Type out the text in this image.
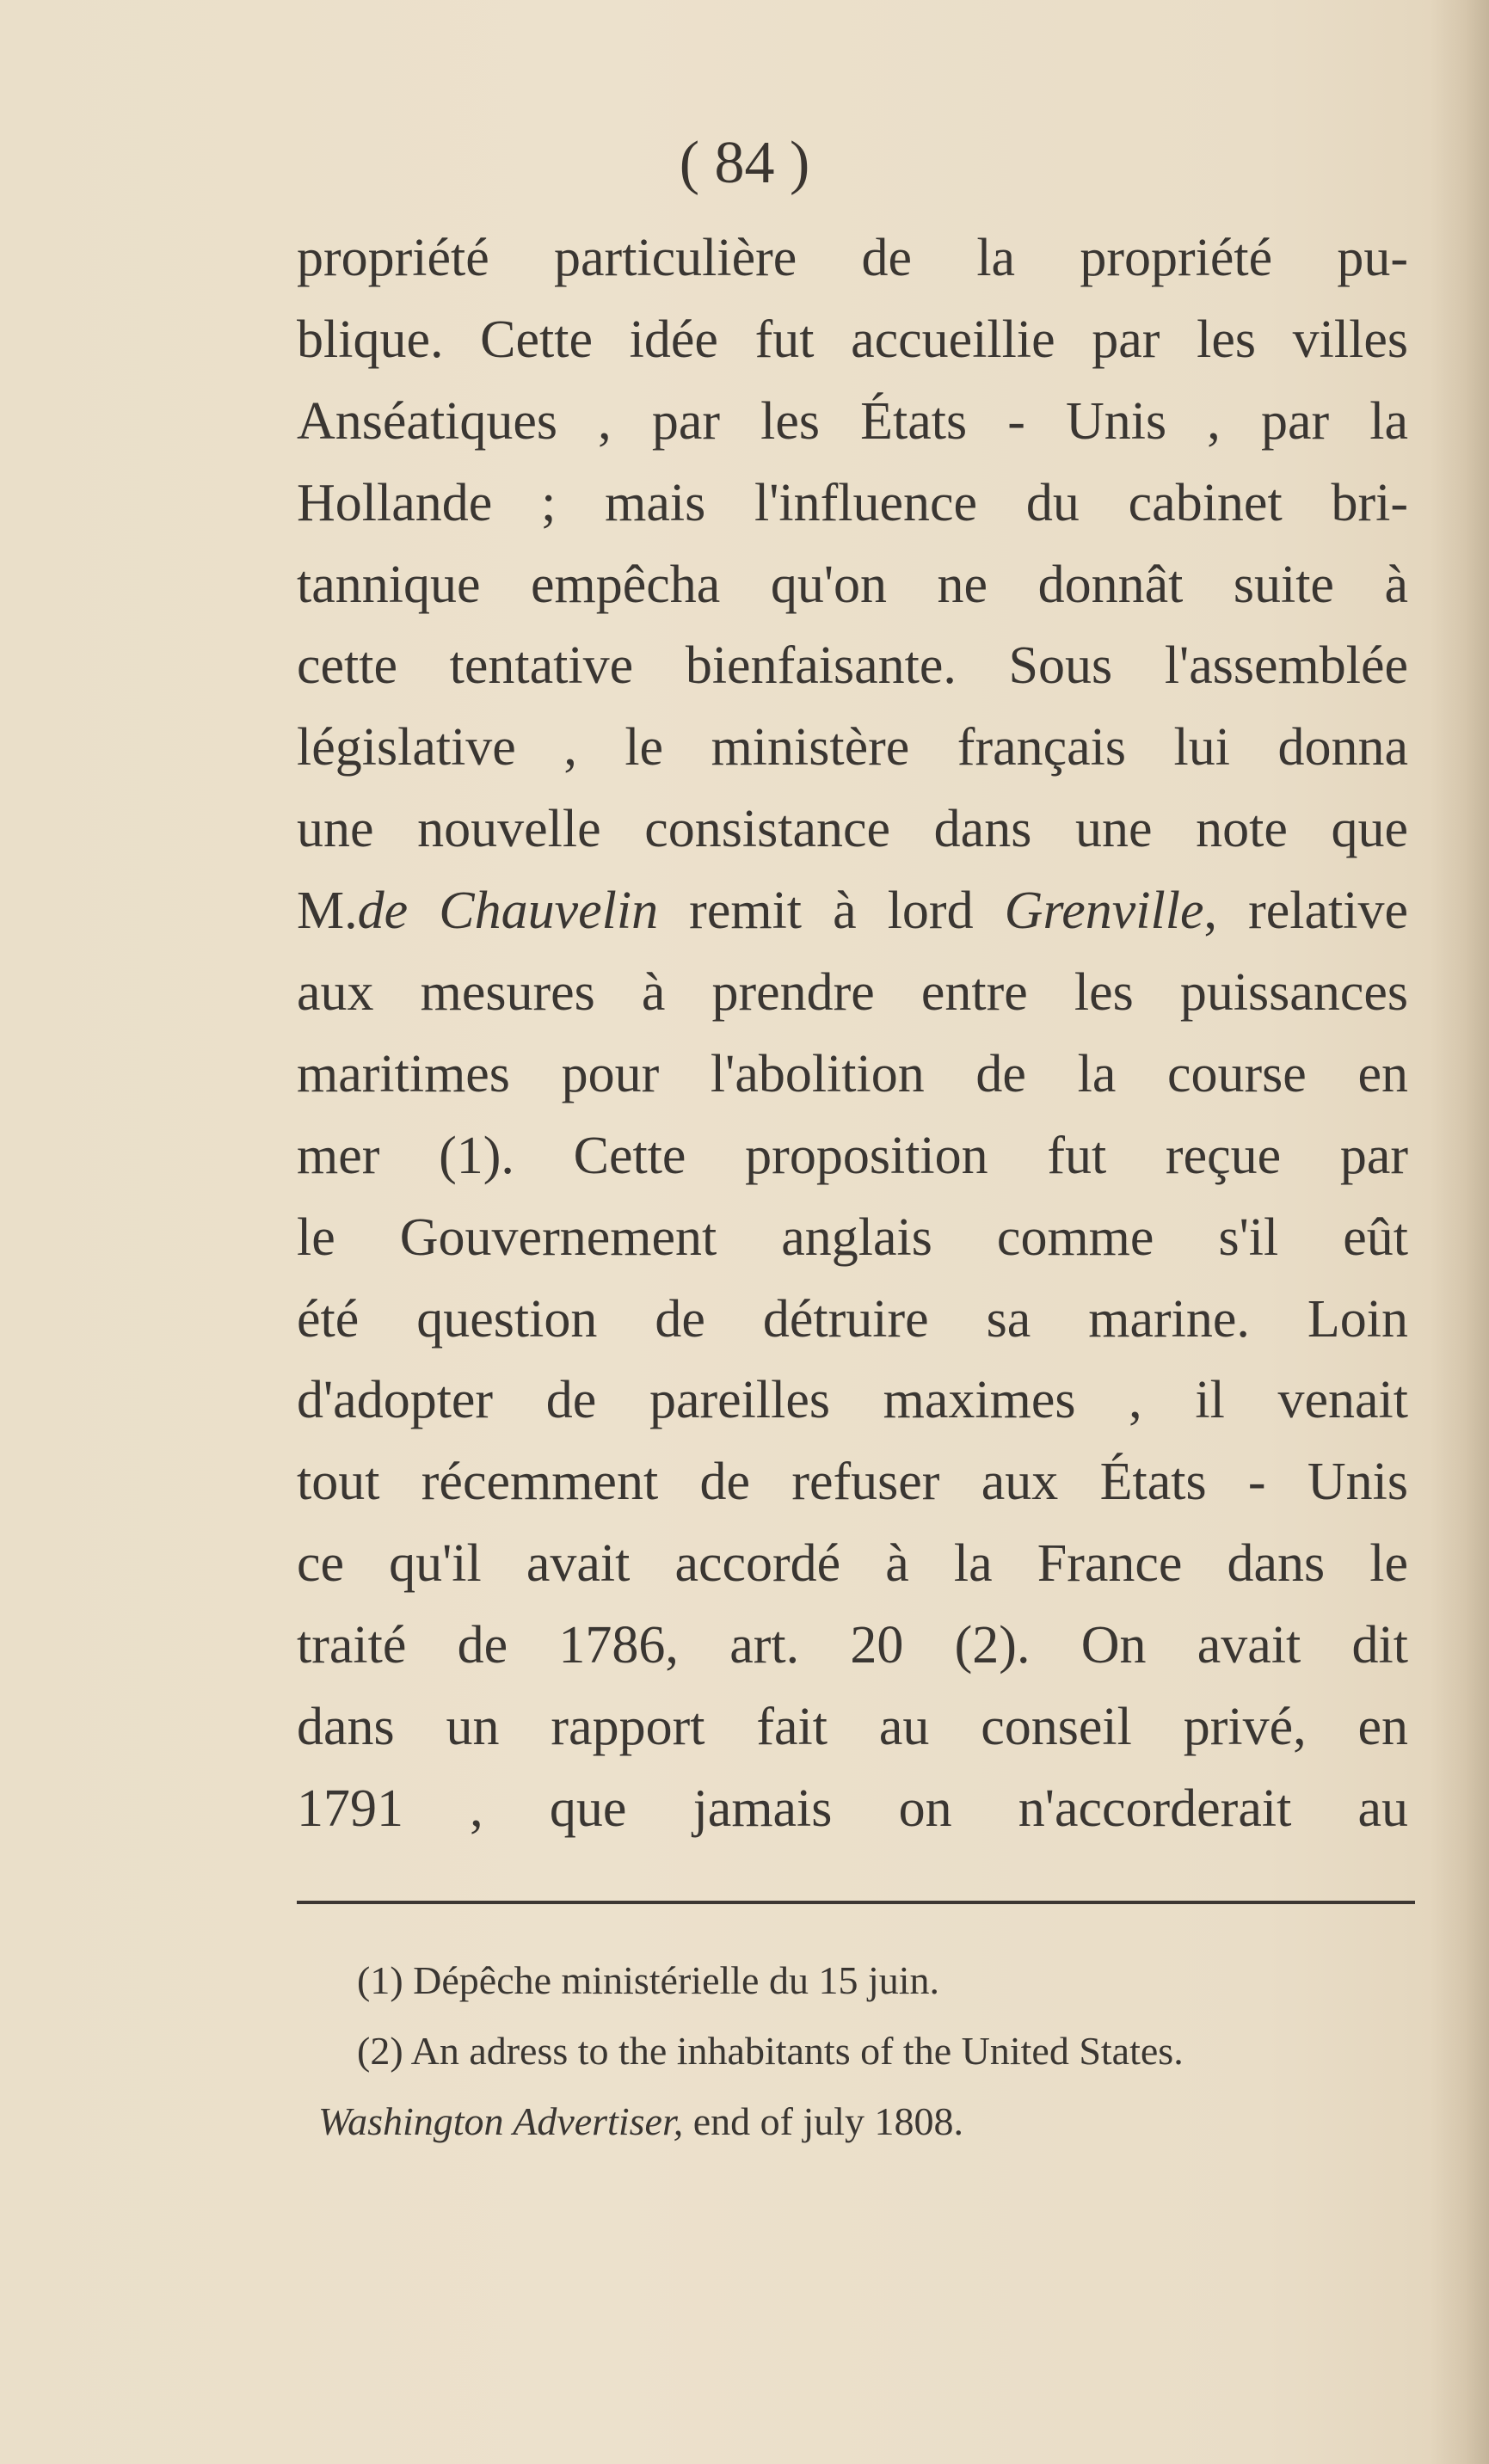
( 84 )
propriété particulière de la propriété pu-
blique. Cette idée fut accueillie par les villes
Anséatiques , par les États - Unis , par la
Hollande ; mais l'influence du cabinet bri-
tannique empêcha qu'on ne donnât suite à
cette tentative bienfaisante. Sous l'assemblée
législative , le ministère français lui donna
une nouvelle consistance dans une note que
M.de Chauvelin remit à lord Grenville, relative
aux mesures à prendre entre les puissances
maritimes pour l'abolition de la course en
mer (1). Cette proposition fut reçue par
le Gouvernement anglais comme s'il eût
été question de détruire sa marine. Loin
d'adopter de pareilles maximes , il venait
tout récemment de refuser aux États - Unis
ce qu'il avait accordé à la France dans le
traité de 1786, art. 20 (2). On avait dit
dans un rapport fait au conseil privé, en
1791 , que jamais on n'accorderait au
(1) Dépêche ministérielle du 15 juin.
(2) An adress to the inhabitants of the United States.
Washington Advertiser, end of july 1808.
